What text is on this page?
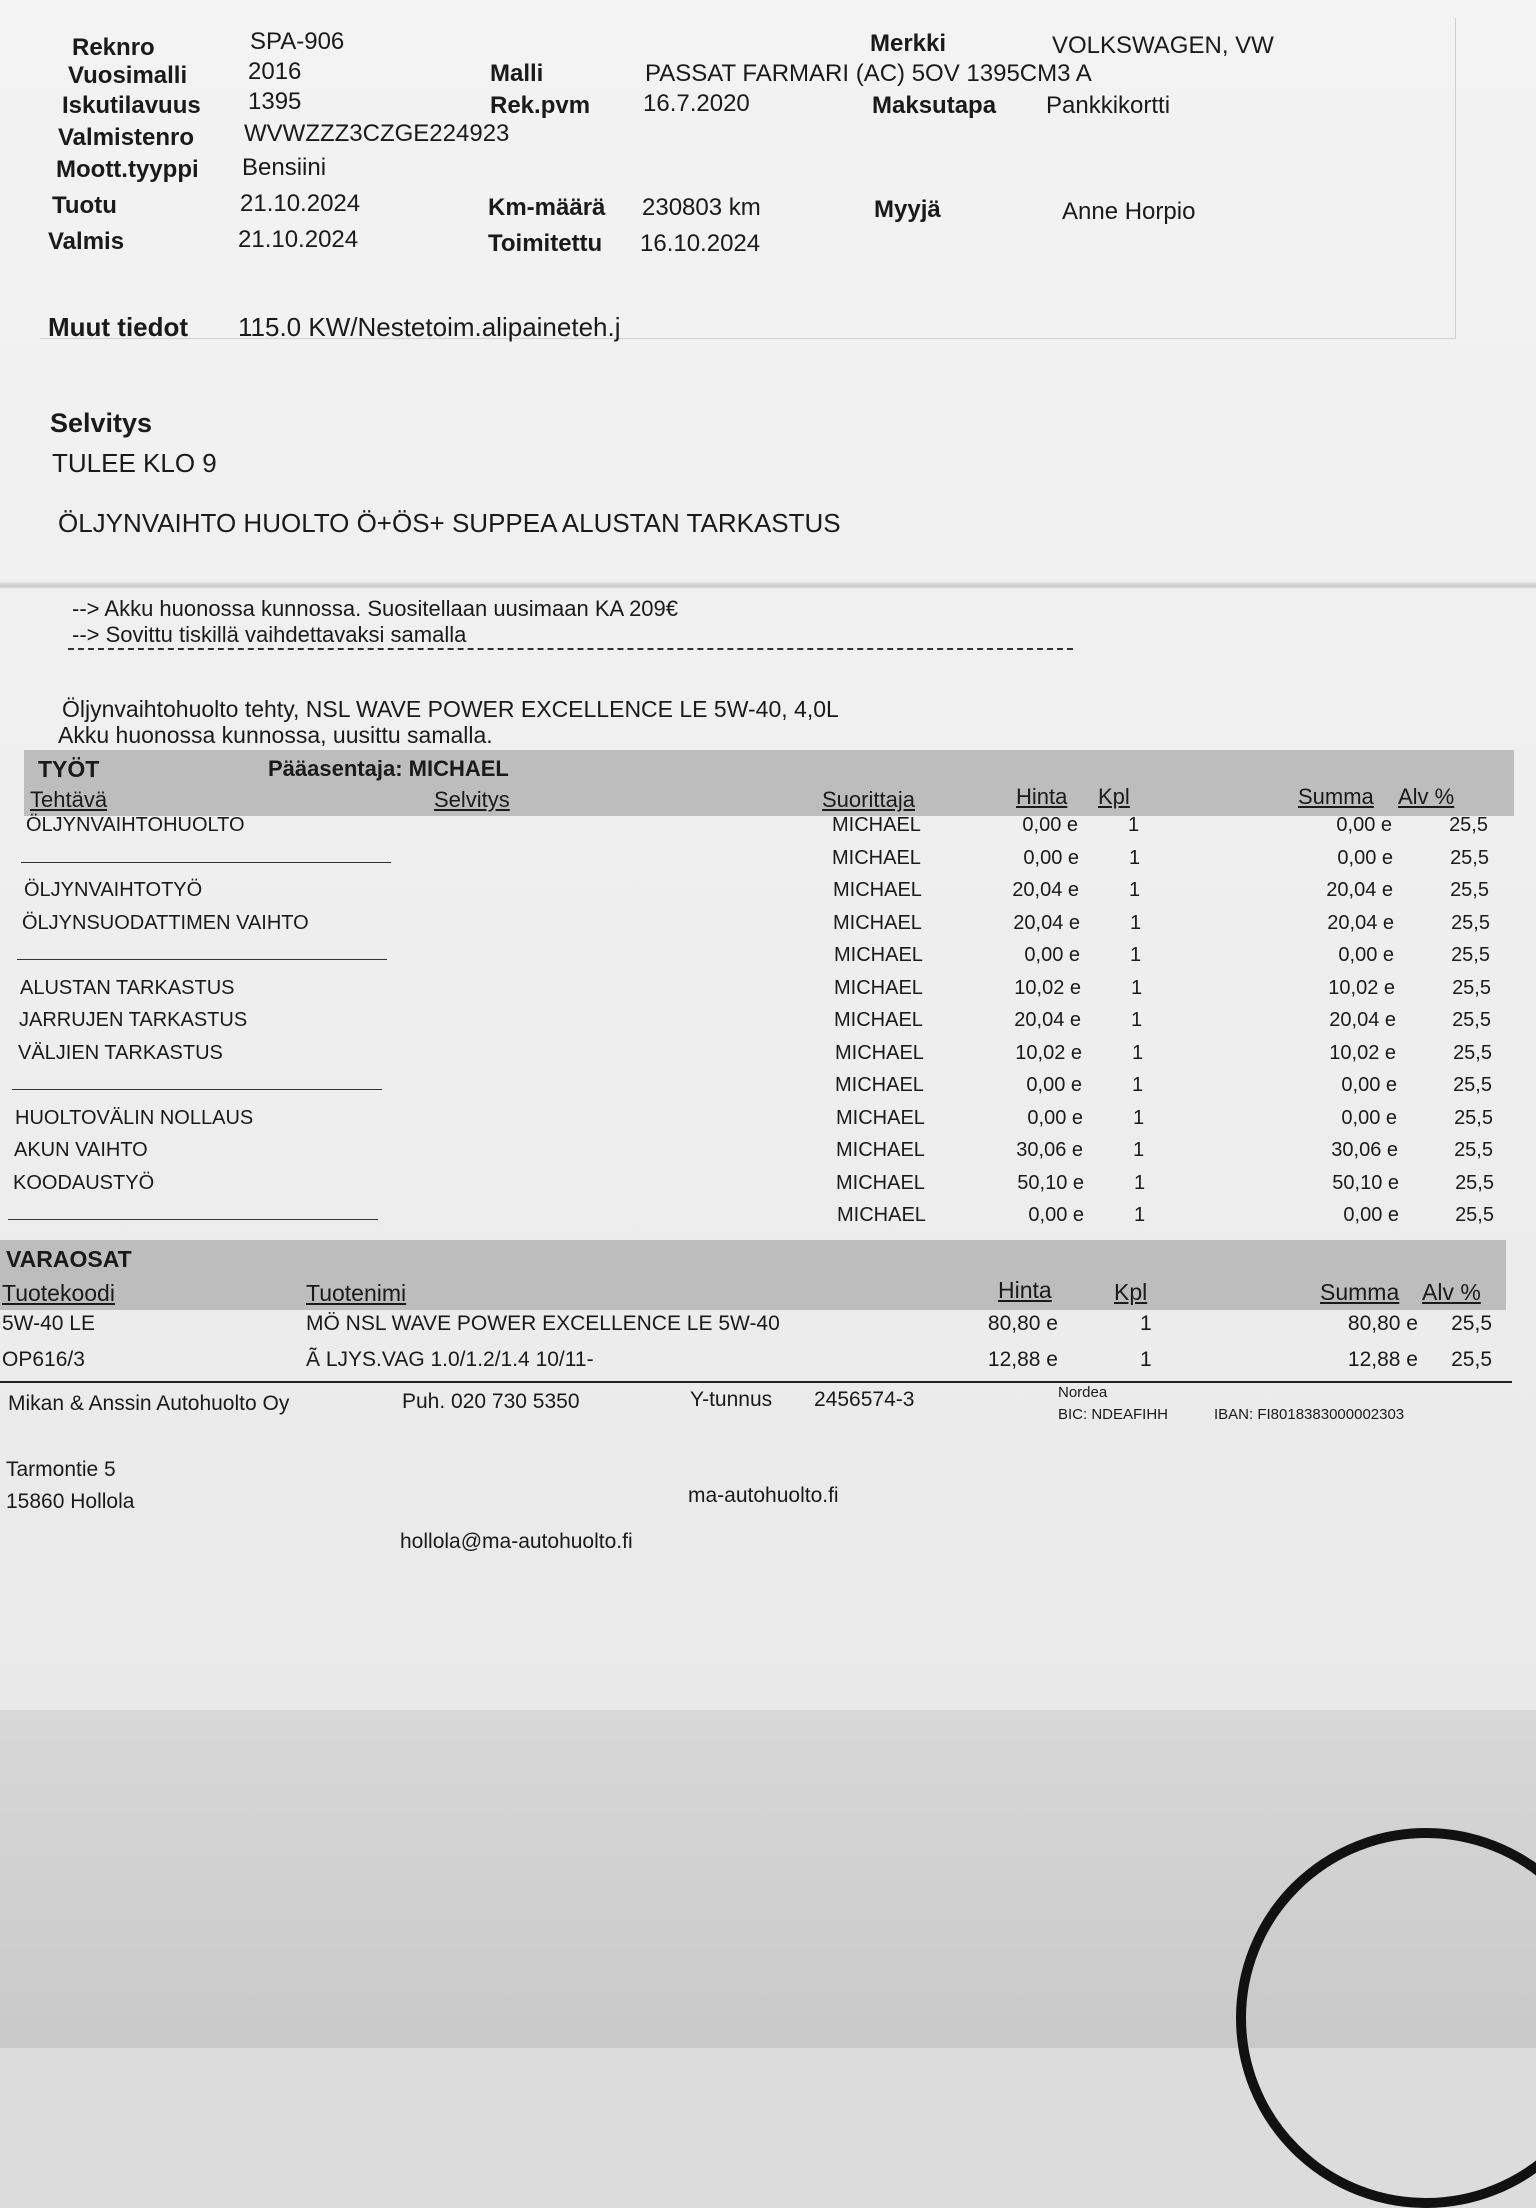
Reknro	SPA-906	Merkki	VOLKSWAGEN, VW
Vuosimalli	2016	Malli	PASSAT FARMARI (AC) 5OV 1395CM3 A
Iskutilavuus 1395	Rek.pvm 16.7.2020	Maksutapa Pankkikortti
Valmistenro WVWZZZ3CZGE224923
Moott.tyyppi Bensiini
Tuotu	21.10.2024	Km-määrä 230803 km	Myyjä	Anne Horpio
Valmis	21.10.2024	Toimitettu 16.10.2024
Muut tiedot 115.0 KW/Nestetoim.alipaineteh.j
Selvitys
TULEE KLO 9
ÖLJYNVAIHTO HUOLTO Ö+ÖS+ SUPPEA ALUSTAN TARKASTUS
--> Akku huonossa kunnossa. Suositellaan uusimaan KA 209€
--> Sovittu tiskillä vaihdettavaksi samalla
Öljynvaihtohuolto tehty, NSL WAVE POWER EXCELLENCE LE 5W-40, 4,0L
Akku huonossa kunnossa, uusittu samalla.
TYÖT	Pääasentaja: MICHAEL
Tehtävä	Selvitys	Suorittaja	Hinta Kpl	Summa Alv %
ÖLJYNVAIHTOHUOLTO	MICHAEL	0,00 e	1	0,00 e	25,5
MICHAEL	0,00 e	1	0,00 e	25,5
ÖLJYNVAIHTOTYÖ	MICHAEL	20,04 e	1	20,04 e	25,5
ÖLJYNSUODATTIMEN VAIHTO	MICHAEL	20,04 e	1	20,04 e	25,5
MICHAEL	0,00 e	1	0,00 e	25,5
ALUSTAN TARKASTUS	MICHAEL	10,02 e	1	10,02 e	25,5
JARRUJEN TARKASTUS	MICHAEL	20,04 e	1	20,04 e	25,5
VÄLJIEN TARKASTUS	MICHAEL	10,02 e	1	10,02 e	25,5
MICHAEL	0,00 e	1	0,00 e	25,5
HUOLTOVÄLIN NOLLAUS	MICHAEL	0,00 e	1	0,00 e	25,5
AKUN VAIHTO	MICHAEL	30,06 e	1	30,06 e	25,5
KOODAUSTYÖ	MICHAEL	50,10 e	1	50,10 e	25,5
MICHAEL	0,00 e	1	0,00 e	25,5
VARAOSAT
Tuotekoodi	Tuotenimi	Hinta	Kpl	Summa Alv %
5W-40 LE	MÖ NSL WAVE POWER EXCELLENCE LE 5W-40	80,80 e	1	80,80 e 25,5
OP616/3	Ã LJYS.VAG 1.0/1.2/1.4 10/11-	12,88 e	1	12,88 e 25,5
Mikan & Anssin Autohuolto Oy	Puh. 020 730 5350	Y-tunnus 2456574-3	Nordea
BIC: NDEAFIHH	IBAN: FI8018383000002303
Tarmontie 5
15860 Hollola	ma-autohuolto.fi
hollola@ma-autohuolto.fi
